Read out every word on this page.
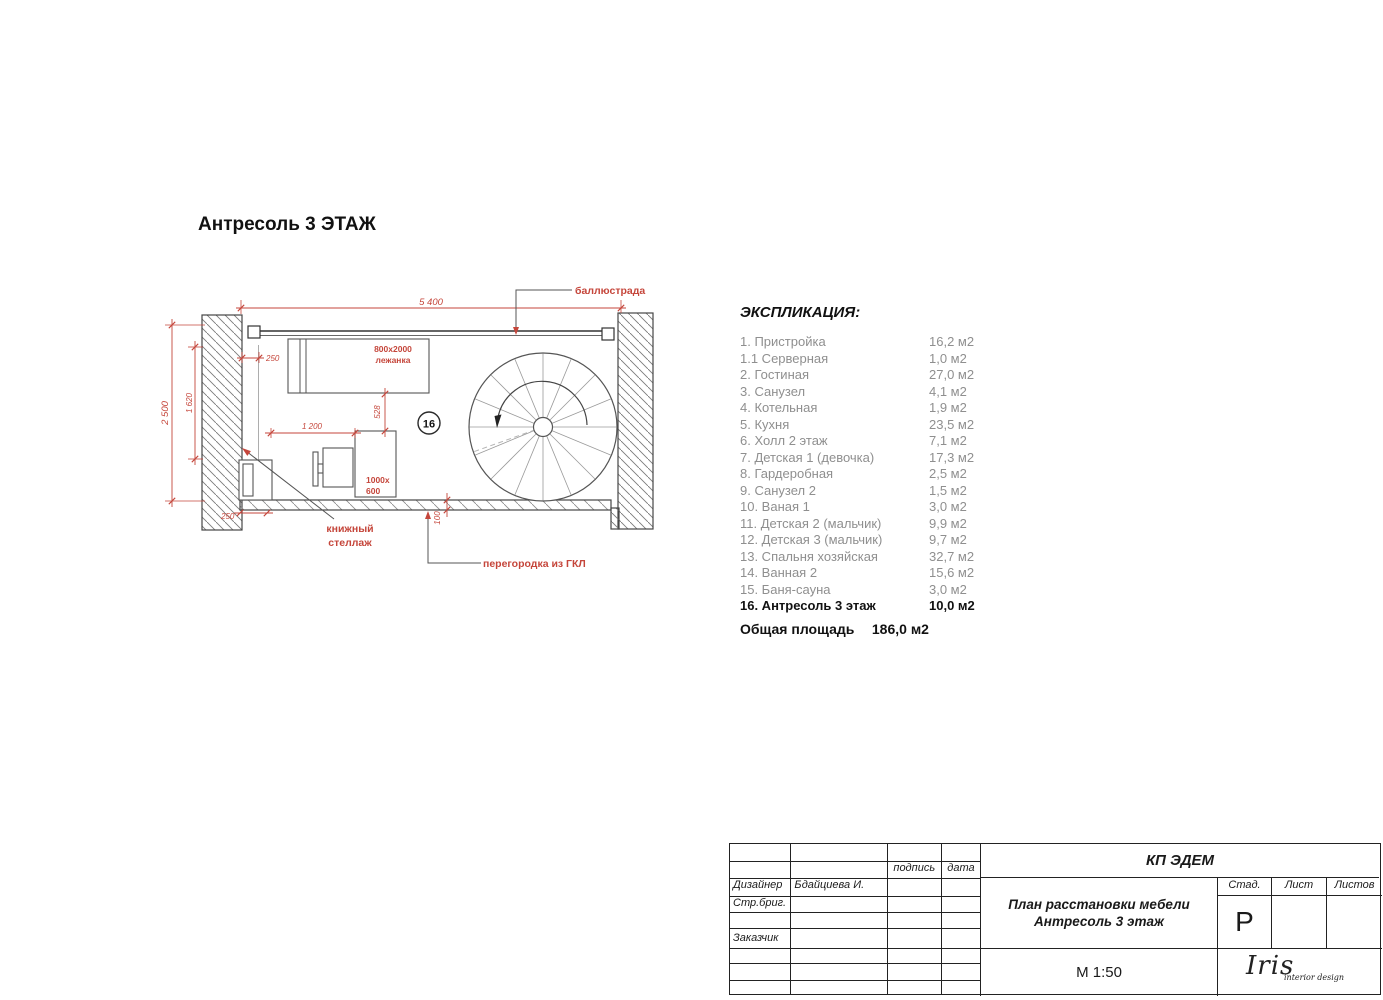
Антресоль 3 ЭТАЖ
16
5 400
250
2 500 1 620	528
1 200
100
250
800x2000
лежанка
1000x
600
баллюстрада
книжный
стеллаж
перегородка из ГКЛ
ЭКСПЛИКАЦИЯ:
1. Пристройка	16,2 м2
1.1 Серверная	1,0 м2
2. Гостиная	27,0 м2
3. Санузел	4,1 м2
4. Котельная	1,9 м2
5. Кухня	23,5 м2
6. Холл 2 этаж	7,1 м2
7. Детская 1 (девочка)	17,3 м2
8. Гардеробная	2,5 м2
9. Санузел 2	1,5 м2
10. Ваная 1	3,0 м2
11. Детская 2 (мальчик)	9,9 м2
12. Детская 3 (мальчик)	9,7 м2
13. Спальня хозяйская	32,7 м2
14. Ванная 2	15,6 м2
15. Баня-сауна	3,0 м2
16. Антресоль 3 этаж	10,0 м2
Общая площадь 186,0 м2
подпись	дата
Дизайнер	Бдайциева И.
Стр.бриг.
Заказчик
КП ЭДЕМ
План расстановки мебели
Антресоль 3 этаж
Стад.	Лист	Листов
Р
М 1:50	Iris
interior design
